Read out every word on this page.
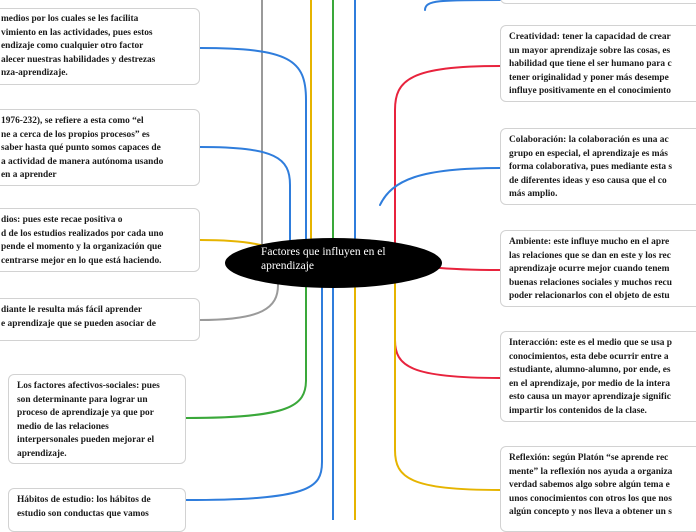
medios por los cuales se les facilita
vimiento en las actividades, pues estos
endizaje como cualquier otro factor
alecer nuestras habilidades y destrezas
nza-aprendizaje.
1976-232), se refiere a esta como “el
ne a cerca de los propios procesos” es
saber hasta qué punto somos capaces de
a actividad de manera autónoma usando
en a aprender
dios: pues este recae positiva o
d de los estudios realizados por cada uno
pende el momento y la organización que
centrarse mejor en lo que está haciendo.
diante le resulta más fácil aprender
e aprendizaje que se pueden asociar de
Los factores afectivos-sociales: pues
son determinante para lograr un
proceso de aprendizaje ya que por
medio de las relaciones
interpersonales pueden mejorar el
aprendizaje.
Hábitos de estudio: los hábitos de
estudio son conductas que vamos
Creatividad: tener la capacidad de crear
un mayor aprendizaje sobre las cosas, es
habilidad que tiene el ser humano para c
tener originalidad y poner más desempe
influye positivamente en el conocimiento
Colaboración: la colaboración es una ac
grupo en especial, el aprendizaje es más
forma colaborativa, pues mediante esta s
de diferentes ideas y eso causa que el co
más amplio.
Ambiente: este influye mucho en el apre
las relaciones que se dan en este y los rec
aprendizaje ocurre mejor cuando tenem
buenas relaciones sociales y muchos recu
poder relacionarlos con el objeto de estu
Interacción: este es el medio que se usa p
conocimientos, esta debe ocurrir entre a
estudiante, alumno-alumno, por ende, es
en el aprendizaje, por medio de la intera
esto causa un mayor aprendizaje signific
impartir los contenidos de la clase.
Reflexión: según Platón “se aprende rec
mente” la reflexión nos ayuda a organiza
verdad sabemos algo sobre algún tema e
unos conocimientos con otros los que nos
algún concepto y nos lleva a obtener un s
Factores que influyen en el
aprendizaje
